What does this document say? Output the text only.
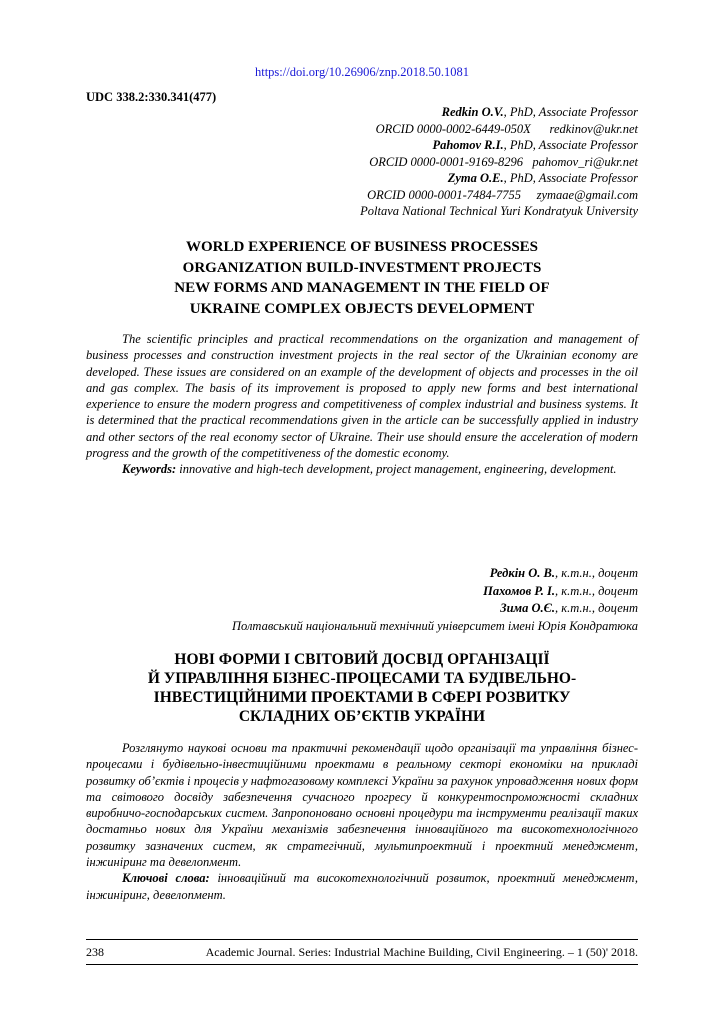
https://doi.org/10.26906/znp.2018.50.1081
UDC 338.2:330.341(477)
Redkin O.V., PhD, Associate Professor
ORCID 0000-0002-6449-050X redkinov@ukr.net
Pahomov R.I., PhD, Associate Professor
ORCID 0000-0001-9169-8296 pahomov_ri@ukr.net
Zyma O.E., PhD, Associate Professor
ORCID 0000-0001-7484-7755 zymaae@gmail.com
Poltava National Technical Yuri Kondratyuk University
WORLD EXPERIENCE OF BUSINESS PROCESSES
ORGANIZATION BUILD-INVESTMENT PROJECTS
NEW FORMS AND MANAGEMENT IN THE FIELD OF
UKRAINE COMPLEX OBJECTS DEVELOPMENT

The scientific principles and practical recommendations on the organization and management of business processes and construction investment projects in the real sector of the Ukrainian economy are developed. These issues are considered on an example of the development of objects and processes in the oil and gas complex. The basis of its improvement is proposed to apply new forms and best international experience to ensure the modern progress and competitiveness of complex industrial and business systems. It is determined that the practical recommendations given in the article can be successfully applied in industry and other sectors of the real economy sector of Ukraine. Their use should ensure the acceleration of modern progress and the growth of the competitiveness of the domestic economy.

Keywords: innovative and high-tech development, project management, engineering, development.

Редкін О. В., к.т.н., доцент
Пахомов Р. І., к.т.н., доцент
Зима О.Є., к.т.н., доцент
Полтавський національний технічний університет імені Юрія Кондратюка
НОВІ ФОРМИ І СВІТОВИЙ ДОСВІД ОРГАНІЗАЦІЇ
Й УПРАВЛІННЯ БІЗНЕС-ПРОЦЕСАМИ ТА БУДІВЕЛЬНО-
ІНВЕСТИЦІЙНИМИ ПРОЕКТАМИ В СФЕРІ РОЗВИТКУ
СКЛАДНИХ ОБ’ЄКТІВ УКРАЇНИ

Розглянуто наукові основи та практичні рекомендації щодо організації та управління бізнес-процесами і будівельно-інвестиційними проектами в реальному секторі економіки на прикладі розвитку об’єктів і процесів у нафтогазовому комплексі України за рахунок упровадження нових форм та світового досвіду забезпечення сучасного прогресу й конкурентоспроможності складних виробничо-господарських систем. Запропоновано основні процедури та інструменти реалізації таких достатньо нових для України механізмів забезпечення інноваційного та високотехнологічного розвитку зазначених систем, як стратегічний, мультипроектний і проектний менеджмент, інжиніринг та девелопмент.

Ключові слова: інноваційний та високотехнологічний розвиток, проектний менеджмент, інжиніринг, девелопмент.

238	Academic Journal. Series: Industrial Machine Building, Civil Engineering. – 1 (50)' 2018.
